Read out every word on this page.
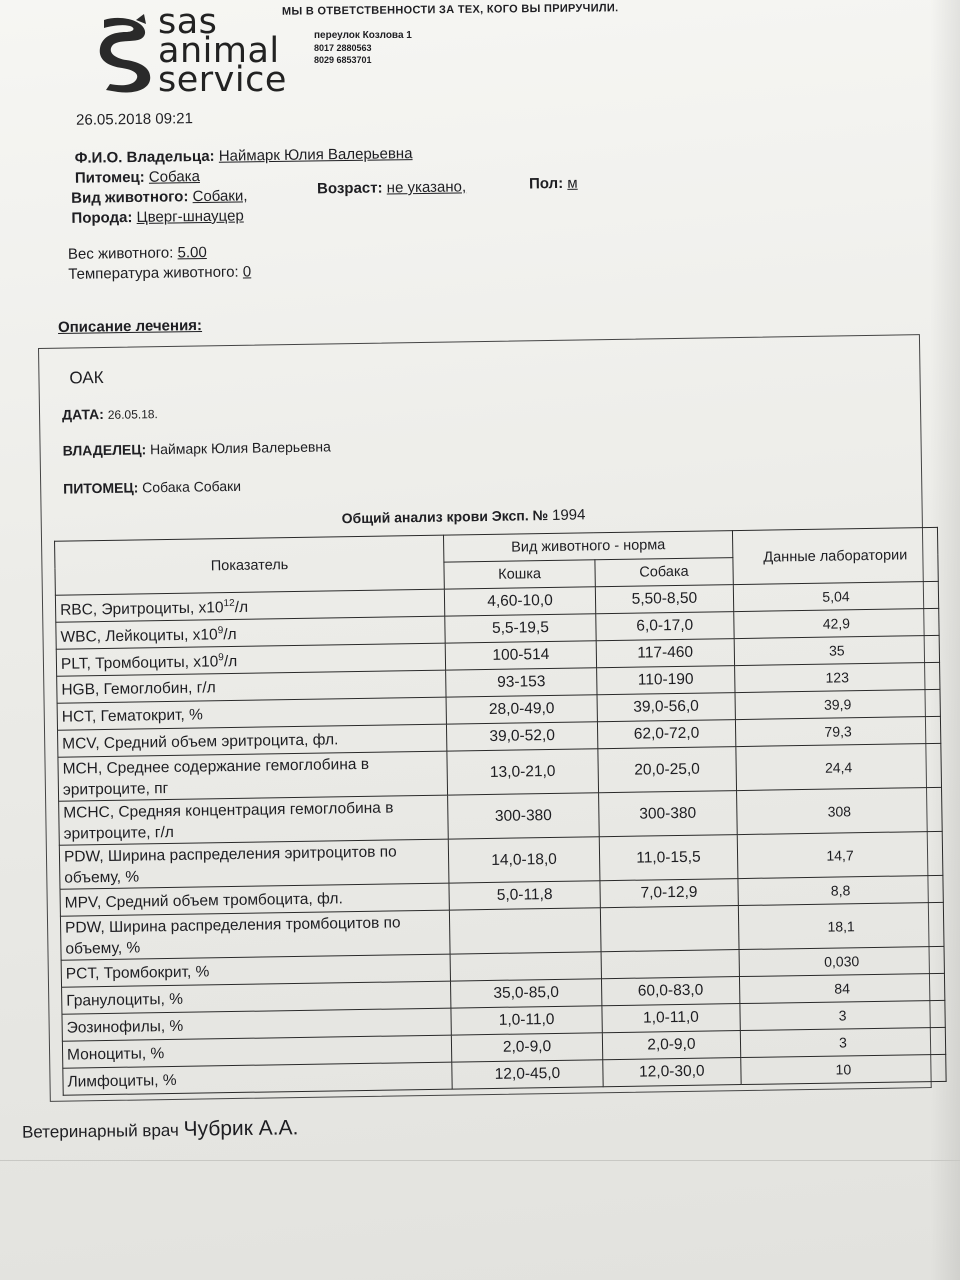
sas
animal
service
МЫ В ОТВЕТСТВЕННОСТИ ЗА ТЕХ, КОГО ВЫ ПРИРУЧИЛИ.
переулок Козлова 1
8017 2880563
8029 6853701
26.05.2018 09:21
Ф.И.О. Владельца: Наймарк Юлия Валерьевна
Питомец: Собака
Вид животного: Собаки,	Возраст: не указано,	Пол: м
Порода: Цверг-шнауцер
Вес животного: 5.00
Температура животного: 0
Описание лечения:
ОАК
ДАТА: 26.05.18.
ВЛАДЕЛЕЦ: Наймарк Юлия Валерьевна
ПИТОМЕЦ: Собака Собаки
Общий анализ крови Эксп. № 1994
Показатель	Вид животного - норма		Данные лаборатории
	Кошка	Собака	
RBC, Эритроциты, $х10^{12}/л$	4,60-10,0	5,50-8,50	5,04
WBC, Лейкоциты, $х10^9/л$	5,5-19,5	6,0-17,0	42,9
PLT, Тромбоциты, $х10^9/л$	100-514	117-460	35
HGB, Гемоглобин, г/л	93-153	110-190	123
HCT, Гематокрит, %	28,0-49,0	39,0-56,0	39,9
MCV, Средний объем эритроцита, фл.	39,0-52,0	62,0-72,0	79,3
MCH, Среднее содержание гемоглобина в эритроците, пг	13,0-21,0	20,0-25,0	24,4
MCHC, Средняя концентрация гемоглобина в эритроците, г/л	300-380	300-380	308
PDW, Ширина распределения эритроцитов по объему, %	14,0-18,0	11,0-15,5	14,7
MPV, Средний объем тромбоцита, фл.	5,0-11,8	7,0-12,9	8,8
PDW, Ширина распределения тромбоцитов по объему, %			18,1
PCT, Тромбокрит, %			0,030
Гранулоциты, %	35,0-85,0	60,0-83,0	84
Эозинофилы, %	1,0-11,0	1,0-11,0	3
Моноциты, %	2,0-9,0	2,0-9,0	3
Лимфоциты, %	12,0-45,0	12,0-30,0	10
Ветеринарный врач Чубрик А.А.
